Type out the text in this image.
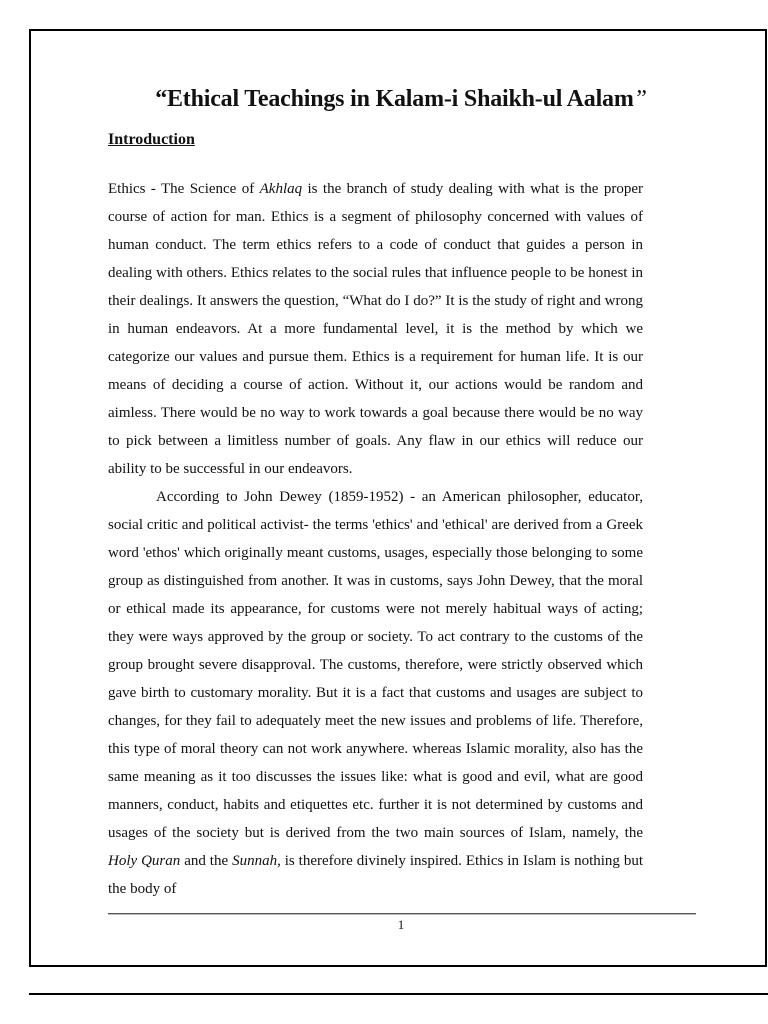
“Ethical Teachings in Kalam-i Shaikh-ul Aalam”
Introduction

Ethics - The Science of Akhlaq is the branch of study dealing with what is the proper course of action for man. Ethics is a segment of philosophy concerned with values of human conduct. The term ethics refers to a code of conduct that guides a person in dealing with others. Ethics relates to the social rules that influence people to be honest in their dealings. It answers the question, “What do I do?” It is the study of right and wrong in human endeavors. At a more fundamental level, it is the method by which we categorize our values and pursue them. Ethics is a requirement for human life. It is our means of deciding a course of action. Without it, our actions would be random and aimless. There would be no way to work towards a goal because there would be no way to pick between a limitless number of goals. Any flaw in our ethics will reduce our ability to be successful in our endeavors.

According to John Dewey (1859-1952) - an American philosopher, educator, social critic and political activist- the terms 'ethics' and 'ethical' are derived from a Greek word 'ethos' which originally meant customs, usages, especially those belonging to some group as distinguished from another. It was in customs, says John Dewey, that the moral or ethical made its appearance, for customs were not merely habitual ways of acting; they were ways approved by the group or society. To act contrary to the customs of the group brought severe disapproval. The customs, therefore, were strictly observed which gave birth to customary morality. But it is a fact that customs and usages are subject to changes, for they fail to adequately meet the new issues and problems of life. Therefore, this type of moral theory can not work anywhere. whereas Islamic morality, also has the same meaning as it too discusses the issues like: what is good and evil, what are good manners, conduct, habits and etiquettes etc. further it is not determined by customs and usages of the society but is derived from the two main sources of Islam, namely, the Holy Quran and the Sunnah, is therefore divinely inspired. Ethics in Islam is nothing but the body of

1
